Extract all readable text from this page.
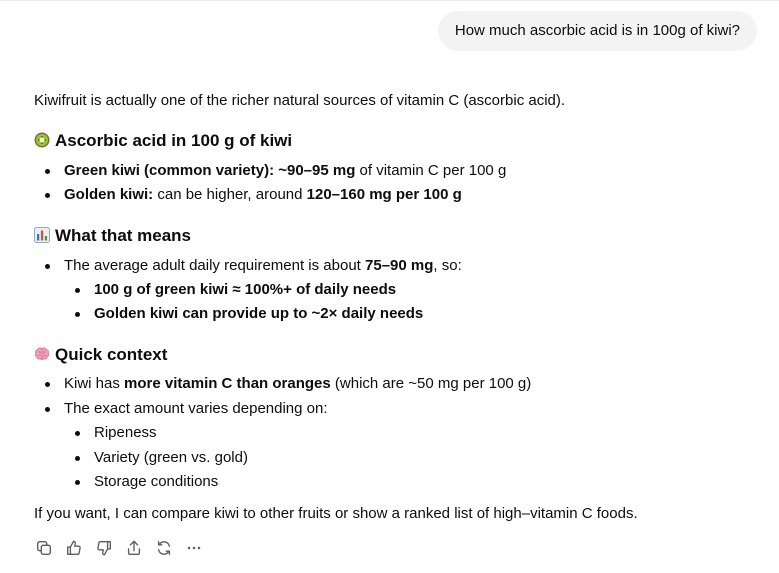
How much ascorbic acid is in 100g of kiwi?
Kiwifruit is actually one of the richer natural sources of vitamin C (ascorbic acid).
Ascorbic acid in 100 g of kiwi
Green kiwi (common variety): ~90–95 mg of vitamin C per 100 g
Golden kiwi: can be higher, around 120–160 mg per 100 g
What that means
The average adult daily requirement is about 75–90 mg, so:
100 g of green kiwi ≈ 100%+ of daily needs
Golden kiwi can provide up to ~2× daily needs
Quick context
Kiwi has more vitamin C than oranges (which are ~50 mg per 100 g)
The exact amount varies depending on:
Ripeness
Variety (green vs. gold)
Storage conditions
If you want, I can compare kiwi to other fruits or show a ranked list of high–vitamin C foods.
